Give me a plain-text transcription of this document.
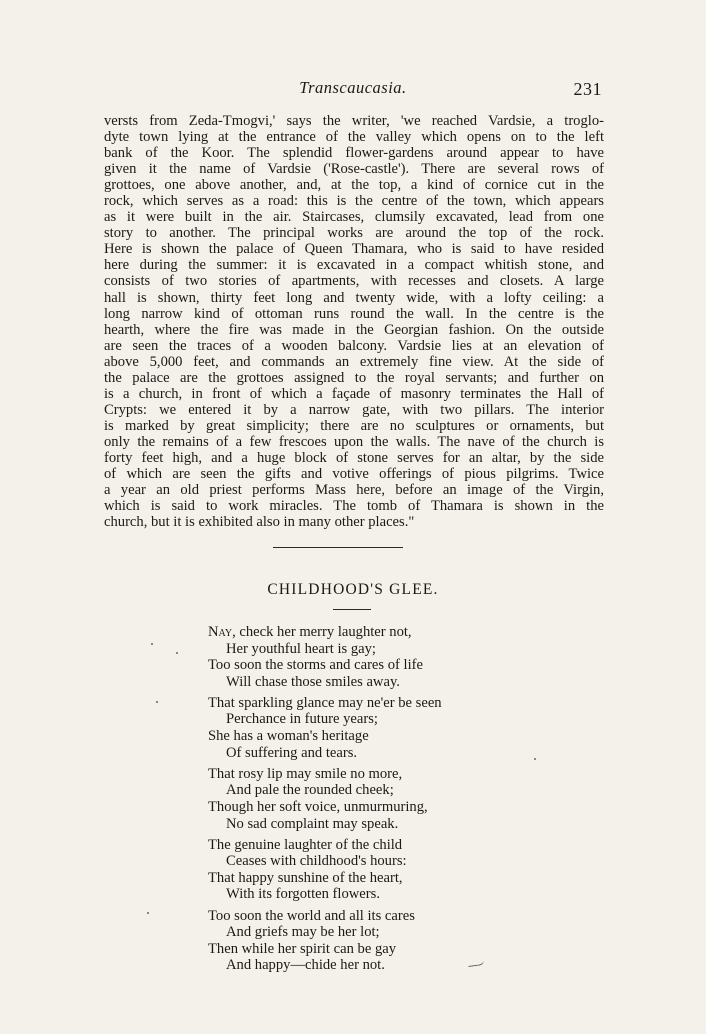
Transcaucasia.	231
versts from Zeda-Tmogvi,' says the writer, 'we reached Vardsie, a troglo-
dyte town lying at the entrance of the valley which opens on to the left
bank of the Koor. The splendid flower-gardens around appear to have
given it the name of Vardsie ('Rose-castle'). There are several rows of
grottoes, one above another, and, at the top, a kind of cornice cut in the
rock, which serves as a road: this is the centre of the town, which appears
as it were built in the air. Staircases, clumsily excavated, lead from one
story to another. The principal works are around the top of the rock.
Here is shown the palace of Queen Thamara, who is said to have resided
here during the summer: it is excavated in a compact whitish stone, and
consists of two stories of apartments, with recesses and closets. A large
hall is shown, thirty feet long and twenty wide, with a lofty ceiling: a
long narrow kind of ottoman runs round the wall. In the centre is the
hearth, where the fire was made in the Georgian fashion. On the outside
are seen the traces of a wooden balcony. Vardsie lies at an elevation of
above 5,000 feet, and commands an extremely fine view. At the side of
the palace are the grottoes assigned to the royal servants; and further on
is a church, in front of which a façade of masonry terminates the Hall of
Crypts: we entered it by a narrow gate, with two pillars. The interior
is marked by great simplicity; there are no sculptures or ornaments, but
only the remains of a few frescoes upon the walls. The nave of the church is
forty feet high, and a huge block of stone serves for an altar, by the side
of which are seen the gifts and votive offerings of pious pilgrims. Twice
a year an old priest performs Mass here, before an image of the Virgin,
which is said to work miracles. The tomb of Thamara is shown in the
church, but it is exhibited also in many other places."
CHILDHOOD'S GLEE.
Nay, check her merry laughter not,
Her youthful heart is gay;
Too soon the storms and cares of life
Will chase those smiles away.
That sparkling glance may ne'er be seen
Perchance in future years;
She has a woman's heritage
Of suffering and tears.
That rosy lip may smile no more,
And pale the rounded cheek;
Though her soft voice, unmurmuring,
No sad complaint may speak.
The genuine laughter of the child
Ceases with childhood's hours:
That happy sunshine of the heart,
With its forgotten flowers.
Too soon the world and all its cares
And griefs may be her lot;
Then while her spirit can be gay
And happy—chide her not.
